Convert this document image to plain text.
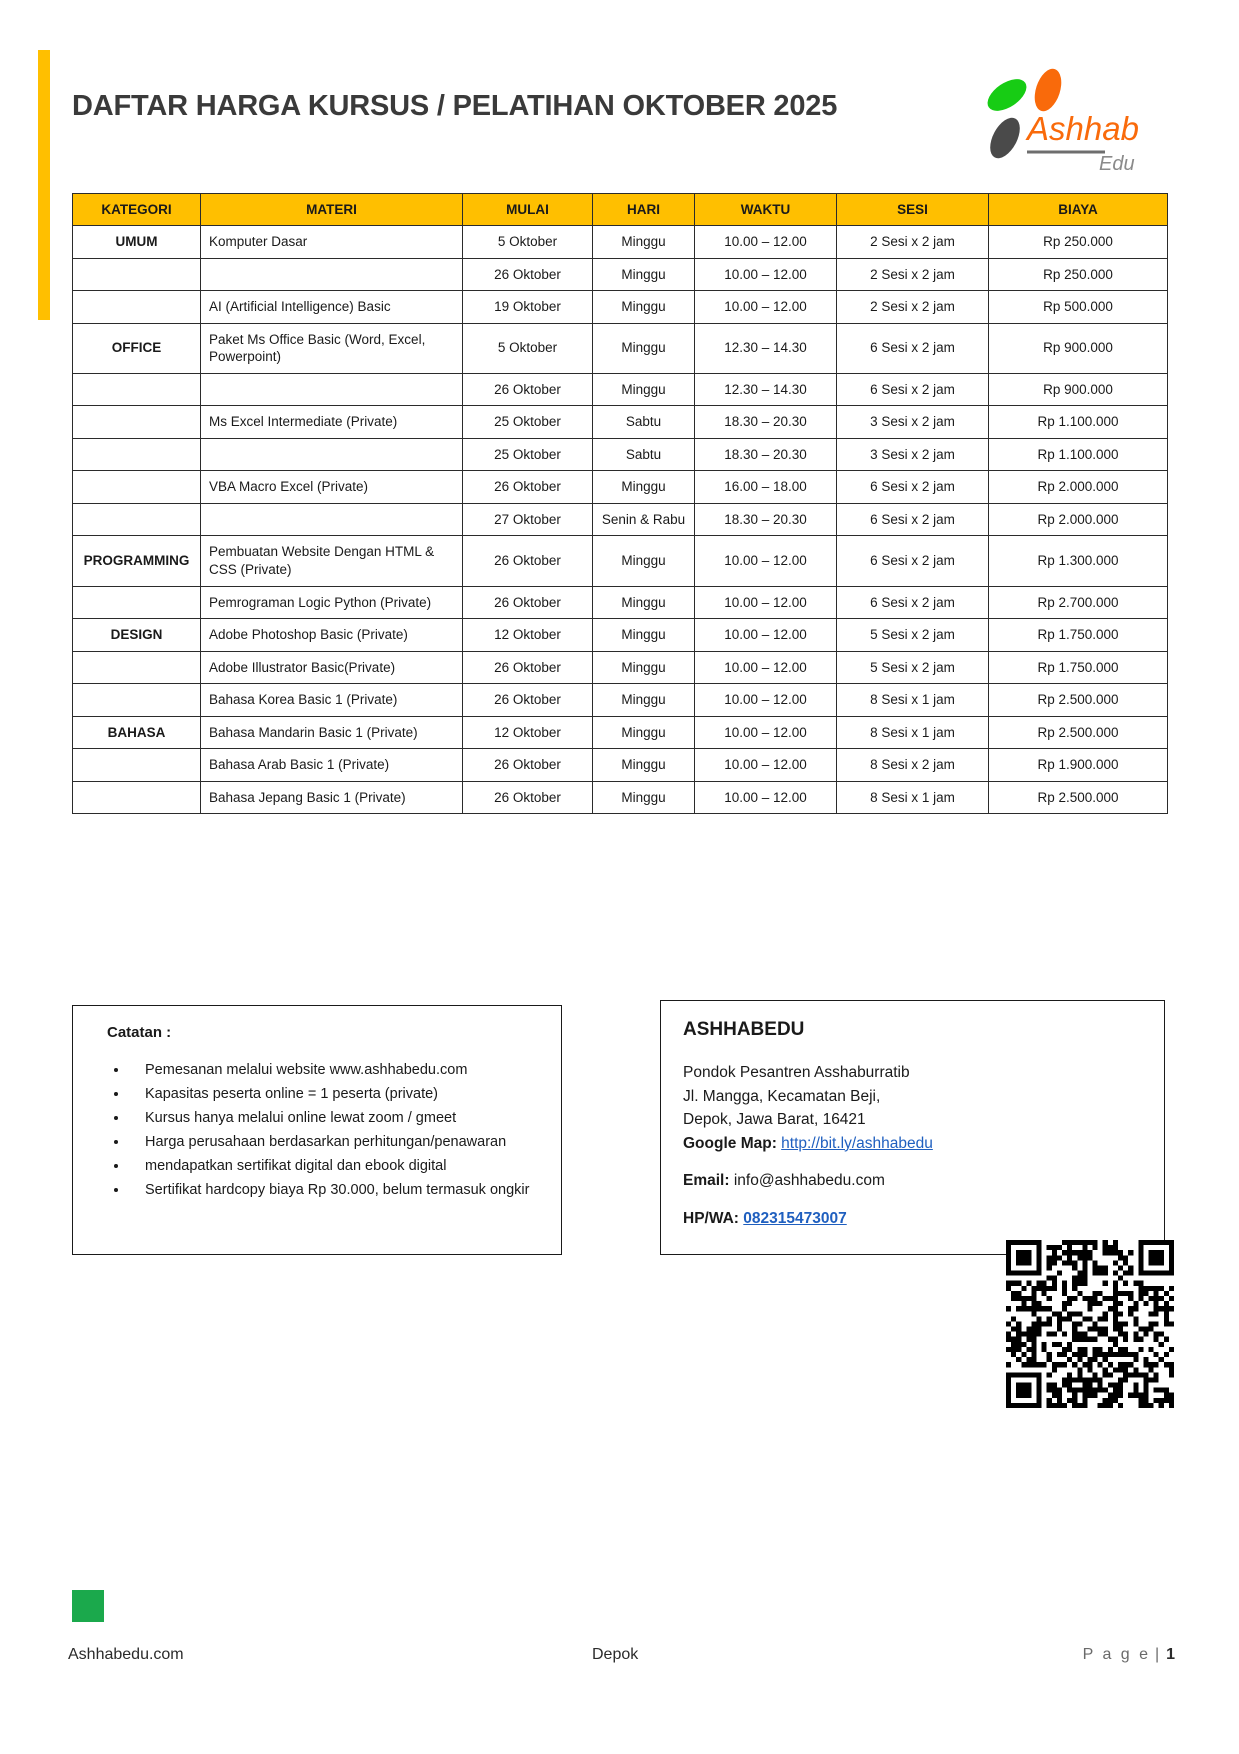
DAFTAR HARGA KURSUS / PELATIHAN OKTOBER 2025
Ashhab
Edu
KATEGORI	MATERI	MULAI	HARI	WAKTU	SESI	BIAYA
UMUM	Komputer Dasar	5 Oktober	Minggu	10.00 – 12.00	2 Sesi x 2 jam	Rp 250.000
		26 Oktober	Minggu	10.00 – 12.00	2 Sesi x 2 jam	Rp 250.000
	AI (Artificial Intelligence) Basic	19 Oktober	Minggu	10.00 – 12.00	2 Sesi x 2 jam	Rp 500.000
OFFICE	Paket Ms Office Basic (Word, Excel, Powerpoint)	5 Oktober	Minggu	12.30 – 14.30	6 Sesi x 2 jam	Rp 900.000
		26 Oktober	Minggu	12.30 – 14.30	6 Sesi x 2 jam	Rp 900.000
	Ms Excel Intermediate (Private)	25 Oktober	Sabtu	18.30 – 20.30	3 Sesi x 2 jam	Rp 1.100.000
		25 Oktober	Sabtu	18.30 – 20.30	3 Sesi x 2 jam	Rp 1.100.000
	VBA Macro Excel (Private)	26 Oktober	Minggu	16.00 – 18.00	6 Sesi x 2 jam	Rp 2.000.000
		27 Oktober	Senin & Rabu	18.30 – 20.30	6 Sesi x 2 jam	Rp 2.000.000
PROGRAMMING	Pembuatan Website Dengan HTML & CSS (Private)	26 Oktober	Minggu	10.00 – 12.00	6 Sesi x 2 jam	Rp 1.300.000
	Pemrograman Logic Python (Private)	26 Oktober	Minggu	10.00 – 12.00	6 Sesi x 2 jam	Rp 2.700.000
DESIGN	Adobe Photoshop Basic (Private)	12 Oktober	Minggu	10.00 – 12.00	5 Sesi x 2 jam	Rp 1.750.000
	Adobe Illustrator Basic(Private)	26 Oktober	Minggu	10.00 – 12.00	5 Sesi x 2 jam	Rp 1.750.000
	Bahasa Korea Basic 1 (Private)	26 Oktober	Minggu	10.00 – 12.00	8 Sesi x 1 jam	Rp 2.500.000
BAHASA	Bahasa Mandarin Basic 1 (Private)	12 Oktober	Minggu	10.00 – 12.00	8 Sesi x 1 jam	Rp 2.500.000
	Bahasa Arab Basic 1 (Private)	26 Oktober	Minggu	10.00 – 12.00	8 Sesi x 2 jam	Rp 1.900.000
	Bahasa Jepang Basic 1 (Private)	26 Oktober	Minggu	10.00 – 12.00	8 Sesi x 1 jam	Rp 2.500.000
Catatan :
• Pemesanan melalui website www.ashhabedu.com
• Kapasitas peserta online = 1 peserta (private)
• Kursus hanya melalui online lewat zoom / gmeet
• Harga perusahaan berdasarkan perhitungan/penawaran
• mendapatkan sertifikat digital dan ebook digital
• Sertifikat hardcopy biaya Rp 30.000, belum termasuk ongkir
ASHHABEDU
Pondok Pesantren Asshaburratib
Jl. Mangga, Kecamatan Beji,
Depok, Jawa Barat, 16421
Google Map: http://bit.ly/ashhabedu
Email: info@ashhabedu.com
HP/WA: 082315473007
Ashhabedu.com	Depok	P a g e | 1
